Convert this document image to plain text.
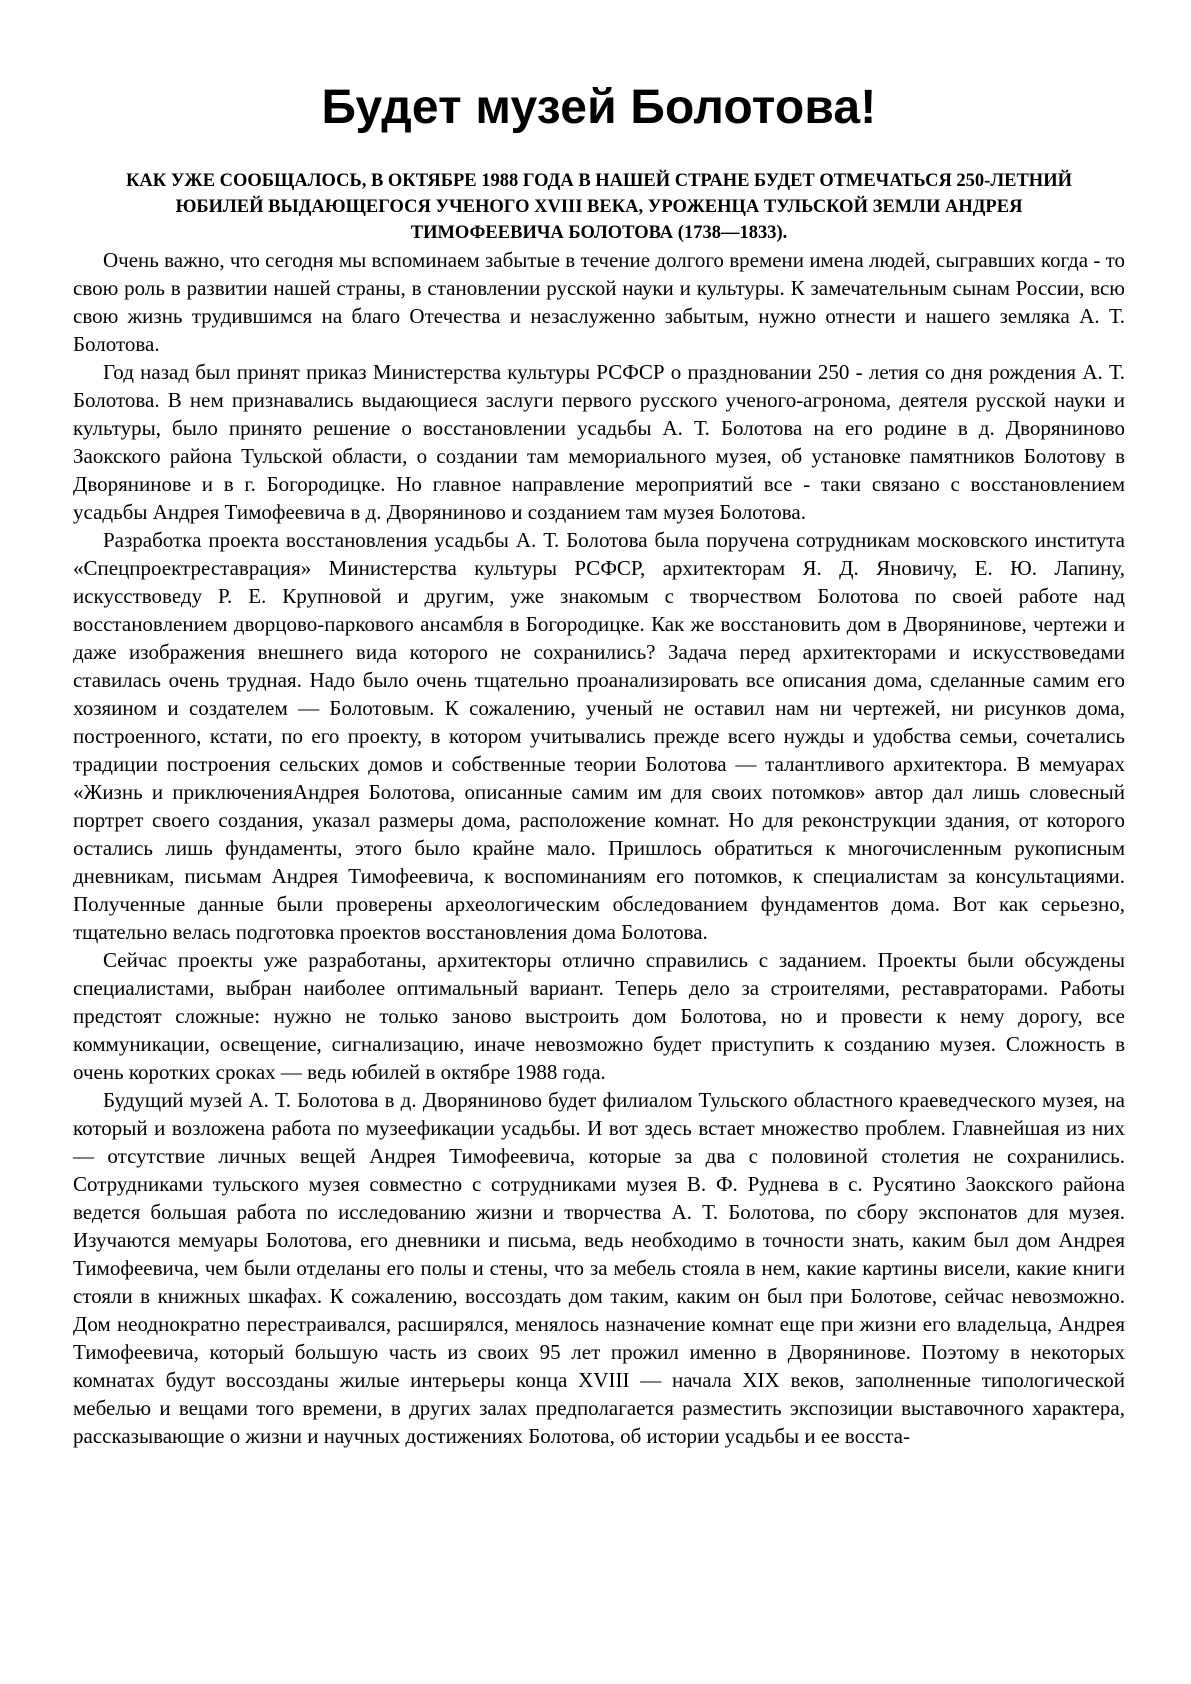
Будет музей Болотова!

КАК УЖЕ СООБЩАЛОСЬ, В ОКТЯБРЕ 1988 ГОДА В НАШЕЙ СТРАНЕ БУДЕТ ОТМЕЧАТЬСЯ 250-ЛЕТНИЙ ЮБИЛЕЙ ВЫДАЮЩЕГОСЯ УЧЕНОГО XVIII ВЕКА, УРОЖЕНЦА ТУЛЬСКОЙ ЗЕМЛИ АНДРЕЯ ТИМОФЕЕВИЧА БОЛОТОВА (1738—1833).

Очень важно, что сегодня мы вспоминаем забытые в течение долгого времени имена людей, сыгравших когда - то свою роль в развитии нашей страны, в становлении русской науки и культуры. К замечательным сынам России, всю свою жизнь трудившимся на благо Отечества и незаслуженно забытым, нужно отнести и нашего земляка А. Т. Болотова.

Год назад был принят приказ Министерства культуры РСФСР о праздновании 250 - летия со дня рождения А. Т. Болотова. В нем признавались выдающиеся заслуги первого русского ученого-агронома, деятеля русской науки и культуры, было принято решение о восстановлении усадьбы А. Т. Болотова на его родине в д. Дворянинoво Заокского района Тульской области, о создании там мемориального музея, об установке памятников Болотову в Дворянинове и в г. Богородицке. Но главное направление мероприятий все - таки связано с восстановлением усадьбы Андрея Тимофеевича в д. Дворянинoво и созданием там музея Болотова.

Разработка проекта восстановления усадьбы А. Т. Болотова была поручена сотрудникам московского института «Спецпроектреставрация» Министерства культуры РСФСР, архитекторам Я. Д. Яновичу, Е. Ю. Лапину, искусствоведу Р. Е. Крупновой и другим, уже знакомым с творчеством Болотова по своей работе над восстановлением дворцово-паркового ансамбля в Богородицке. Как же восстановить дом в Дворянинове, чертежи и даже изображения внешнего вида которого не сохранились? Задача перед архитекторами и искусствоведами ставилась очень трудная. Надо было очень тщательно проанализировать все описания дома, сделанные самим его хозяином и создателем — Болотовым. К сожалению, ученый не оставил нам ни чертежей, ни рисунков дома, построенного, кстати, по его проекту, в котором учитывались прежде всего нужды и удобства семьи, сочетались традиции построения сельских домов и собственные теории Болотова — талантливого архитектора. В мемуарах «Жизнь и приключенияАндрея Болотова, описанные самим им для своих потомков» автор дал лишь словесный портрет своего создания, указал размеры дома, расположение комнат. Но для реконструкции здания, от которого остались лишь фундаменты, этого было крайне мало. Пришлось обратиться к многочисленным рукописным дневникам, письмам Андрея Тимофеевича, к воспоминаниям его потомков, к специалистам за консультациями. Полученные данные были проверены археологическим обследованием фундаментов дома. Вот как серьезно, тщательно велась подготовка проектов восстановления дома Болотова.

Сейчас проекты уже разработаны, архитекторы отлично справились с заданием. Проекты были обсуждены специалистами, выбран наиболее оптимальный вариант. Теперь дело за строителями, реставраторами. Работы предстоят сложные: нужно не только заново выстроить дом Болотова, но и провести к нему дорогу, все коммуникации, освещение, сигнализацию, иначе невозможно будет приступить к созданию музея. Сложность в очень коротких сроках — ведь юбилей в октябре 1988 года.

Будущий музей А. Т. Болотова в д. Дворянинoво будет филиалом Тульского областного краеведческого музея, на который и возложена работа по музеефикации усадьбы. И вот здесь встает множество проблем. Главнейшая из них — отсутствие личных вещей Андрея Тимофеевича, которые за два с половиной столетия не сохранились. Сотрудниками тульского музея совместно с сотрудниками музея В. Ф. Руднева в с. Русятино Заокского района ведется большая работа по исследованию жизни и творчества А. Т. Болотова, по сбору экспонатов для музея. Изучаются мемуары Болотова, его дневники и письма, ведь необходимо в точности знать, каким был дом Андрея Тимофеевича, чем были отделаны его полы и стены, что за мебель стояла в нем, какие картины висели, какие книги стояли в книжных шкафах. К сожалению, воссоздать дом таким, каким он был при Болотове, сейчас невозможно. Дом неоднократно перестраивался, расширялся, менялось назначение комнат еще при жизни его владельца, Андрея Тимофеевича, который большую часть из своих 95 лет прожил именно в Дворянинове. Поэтому в некоторых комнатах будут воссозданы жилые интерьеры конца XVIII — начала XIX веков, заполненные типологической мебелью и вещами того времени, в других залах предполагается разместить экспозиции выставочного характера, рассказывающие о жизни и научных достижениях Болотова, об истории усадьбы и ее восста-
